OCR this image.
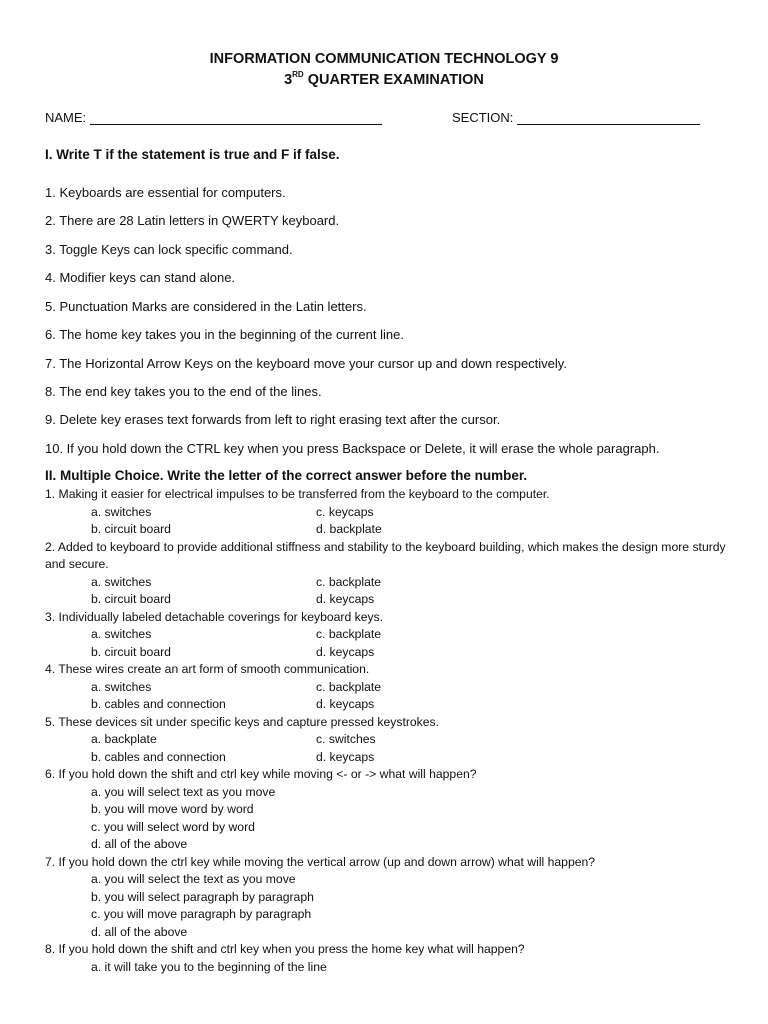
INFORMATION COMMUNICATION TECHNOLOGY 9
3RD QUARTER EXAMINATION
NAME:	SECTION:
I. Write T if the statement is true and F if false.
1. Keyboards are essential for computers.
2. There are 28 Latin letters in QWERTY keyboard.
3. Toggle Keys can lock specific command.
4. Modifier keys can stand alone.
5. Punctuation Marks are considered in the Latin letters.
6. The home key takes you in the beginning of the current line.
7. The Horizontal Arrow Keys on the keyboard move your cursor up and down respectively.
8. The end key takes you to the end of the lines.
9. Delete key erases text forwards from left to right erasing text after the cursor.
10. If you hold down the CTRL key when you press Backspace or Delete, it will erase the whole paragraph.
II. Multiple Choice. Write the letter of the correct answer before the number.
1. Making it easier for electrical impulses to be transferred from the keyboard to the computer.
a. switches	c. keycaps
b. circuit board	d. backplate
2. Added to keyboard to provide additional stiffness and stability to the keyboard building, which makes the design more sturdy and secure.
a. switches	c. backplate
b. circuit board	d. keycaps
3. Individually labeled detachable coverings for keyboard keys.
a. switches	c. backplate
b. circuit board	d. keycaps
4. These wires create an art form of smooth communication.
a. switches	c. backplate
b. cables and connection	d. keycaps
5. These devices sit under specific keys and capture pressed keystrokes.
a. backplate	c. switches
b. cables and connection	d. keycaps
6. If you hold down the shift and ctrl key while moving <- or -> what will happen?
a. you will select text as you move
b. you will move word by word
c. you will select word by word
d. all of the above
7. If you hold down the ctrl key while moving the vertical arrow (up and down arrow) what will happen?
a. you will select the text as you move
b. you will select paragraph by paragraph
c. you will move paragraph by paragraph
d. all of the above
8. If you hold down the shift and ctrl key when you press the home key what will happen?
a. it will take you to the beginning of the line
